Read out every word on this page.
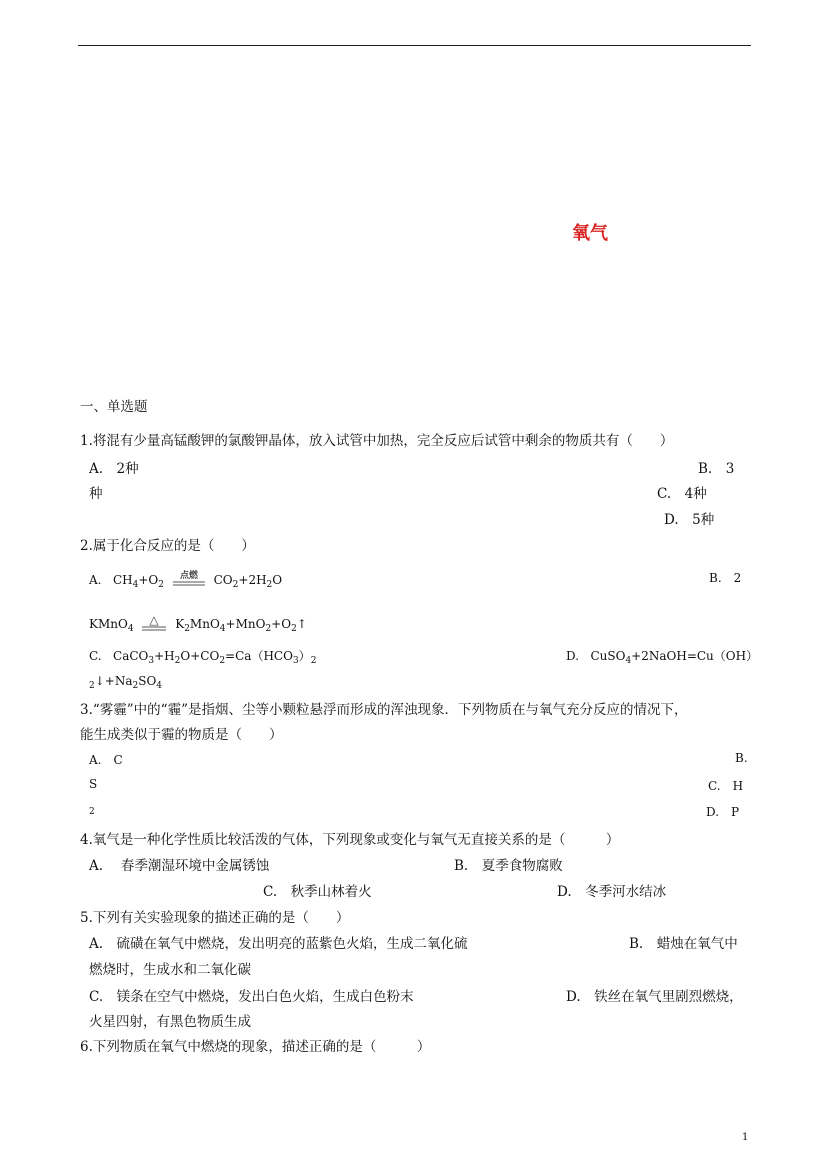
氧气
一、单选题
1.将混有少量高锰酸钾的氯酸钾晶体，放入试管中加热，完全反应后试管中剩余的物质共有（　　）
A.　2种	B.　3
种	C.　4种
D.　5种
2.属于化合反应的是（　　）
A. $CH_4+O_2$
点燃 $CO_2+2H_2O$	B.　2
KMnO$_4$
△ $K_2MnO_4+MnO_2+O_2↑$
C. $CaCO_3+H_2O+CO_2=Ca(HCO_3)_2$	D. CuSO$_4$+2NaOH=Cu（OH）
$_2↓+Na_2SO_4$
3.“雾霾”中的“霾”是指烟、尘等小颗粒悬浮而形成的浑浊现象．下列物质在与氧气充分反应的情况下，
能生成类似于霾的物质是（　　）
A.　C	B.
S	C.　H
2	D.　P
4.氧气是一种化学性质比较活泼的气体，下列现象或变化与氧气无直接关系的是（　　　）
A.　 春季潮湿环境中金属锈蚀	B.　夏季食物腐败
C.　秋季山林着火	D.　冬季河水结冰
5.下列有关实验现象的描述正确的是（　　）
A.　硫磺在氧气中燃烧，发出明亮的蓝紫色火焰，生成二氧化硫	B.　蜡烛在氧气中
燃烧时，生成水和二氧化碳
C.　镁条在空气中燃烧，发出白色火焰，生成白色粉末	D.　铁丝在氧气里剧烈燃烧，
火星四射，有黑色物质生成
6.下列物质在氧气中燃烧的现象，描述正确的是（　　　）
1
